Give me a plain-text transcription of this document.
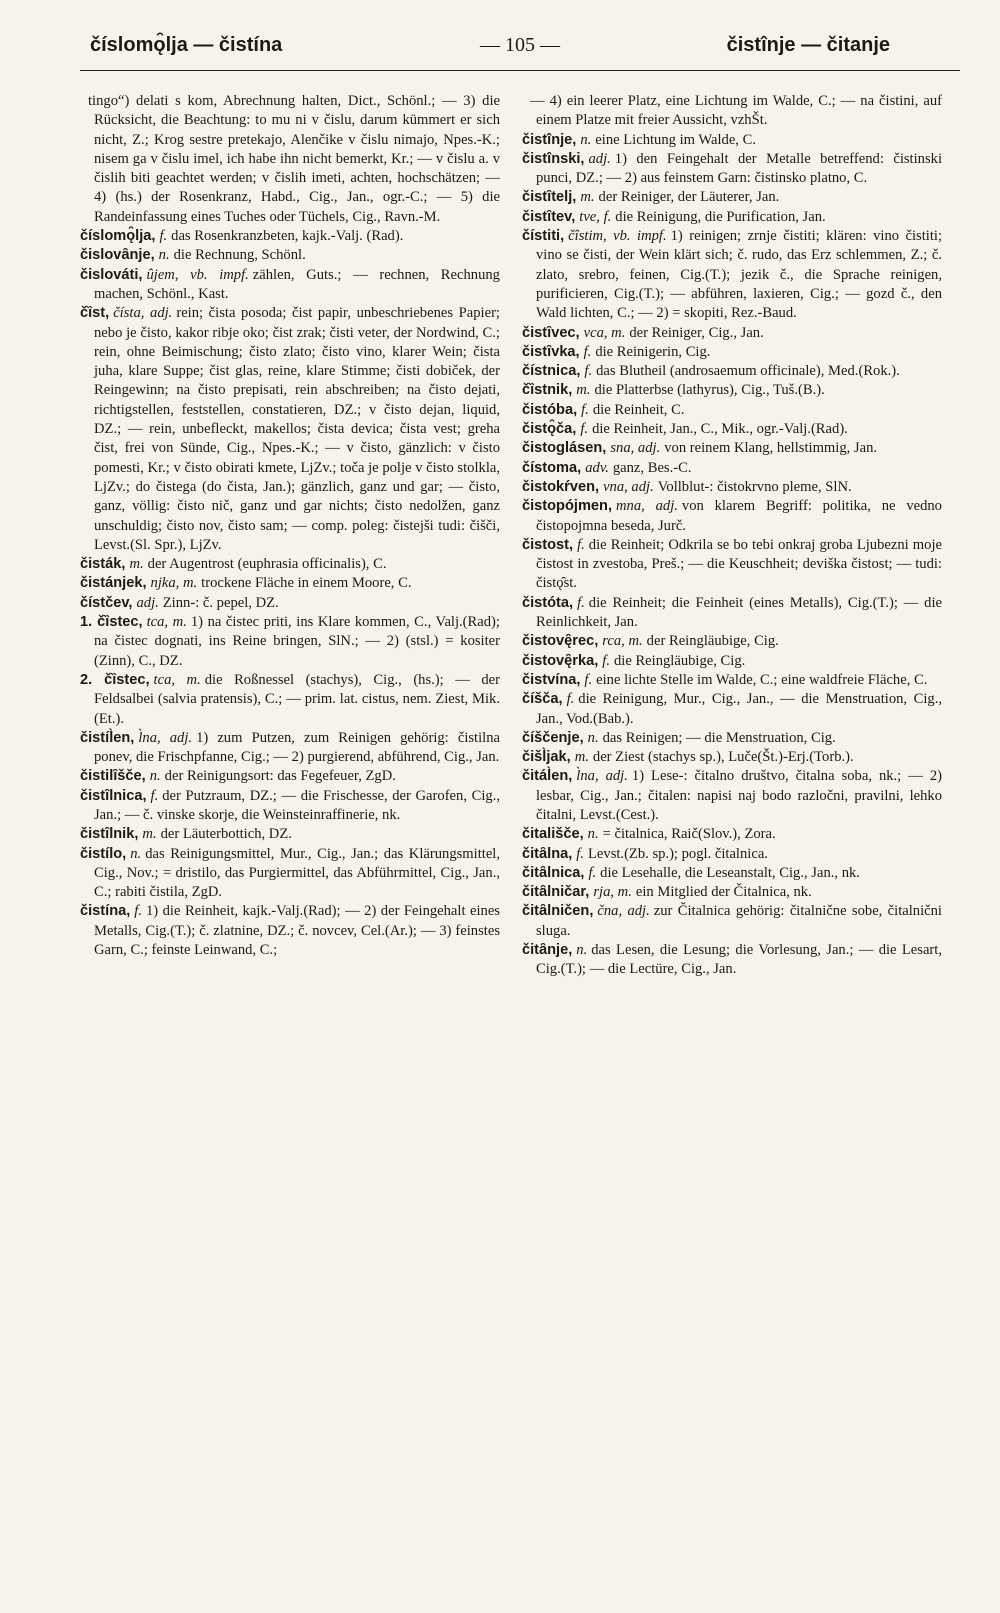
číslomǫ̑lja — čistína	— 105 —	čistînje — čitanje

tingo“) delati s kom, Abrechnung halten, Dict., Schönl.; — 3) die Rücksicht, die Beachtung: to mu ni v čislu, darum kümmert er sich nicht, Z.; Krog sestre pretekajo, Alenčike v čislu nimajo, Npes.-K.; nisem ga v čislu imel, ich habe ihn nicht bemerkt, Kr.; — v čislu a. v čislih biti geachtet werden; v čislih imeti, achten, hochschätzen; — 4) (hs.) der Rosenkranz, Habd., Cig., Jan., ogr.-C.; — 5) die Randeinfassung eines Tuches oder Tüchels, Cig., Ravn.-M.

číslomǫ̑lja, f. das Rosenkranzbeten, kajk.-Valj. (Rad).

čislovȃnje, n. die Rechnung, Schönl.

čislováti, ûjem, vb. impf. zählen, Guts.; — rechnen, Rechnung machen, Schönl., Kast.

čȉst, čísta, adj. rein; čista posoda; čist papir, unbeschriebenes Papier; nebo je čisto, kakor ribje oko; čist zrak; čisti veter, der Nordwind, C.; rein, ohne Beimischung; čisto zlato; čisto vino, klarer Wein; čista juha, klare Suppe; čist glas, reine, klare Stimme; čisti dobiček, der Reingewinn; na čisto prepisati, rein abschreiben; na čisto dejati, richtigstellen, feststellen, constatieren, DZ.; v čisto dejan, liquid, DZ.; — rein, unbefleckt, makellos; čista devica; čista vest; greha čist, frei von Sünde, Cig., Npes.-K.; — v čisto, gänzlich: v čisto pomesti, Kr.; v čisto obirati kmete, LjZv.; toča je polje v čisto stolkla, LjZv.; do čistega (do čista, Jan.); gänzlich, ganz und gar; — čisto, ganz, völlig: čisto nič, ganz und gar nichts; čisto nedolžen, ganz unschuldig; čisto nov, čisto sam; — comp. poleg: čistejši tudi: čišči, Levst.(Sl. Spr.), LjZv.

čisták, m. der Augentrost (euphrasia officinalis), C.

čistánjek, njka, m. trockene Fläche in einem Moore, C.

čístčev, adj. Zinn-: č. pepel, DZ.

1. čȉstec, tca, m. 1) na čistec priti, ins Klare kommen, C., Valj.(Rad); na čistec dognati, ins Reine bringen, SlN.; — 2) (stsl.) = kositer (Zinn), C., DZ.

2. čȉstec, tca, m. die Roßnessel (stachys), Cig., (hs.); — der Feldsalbei (salvia pratensis), C.; — prim. lat. cistus, nem. Ziest, Mik.(Et.).

čistíl̀en, l̀na, adj. 1) zum Putzen, zum Reinigen gehörig: čistilna ponev, die Frischpfanne, Cig.; — 2) purgierend, abführend, Cig., Jan.

čistilȋšče, n. der Reinigungsort: das Fegefeuer, ZgD.

čistȋlnica, f. der Putzraum, DZ.; — die Frischesse, der Garofen, Cig., Jan.; — č. vinske skorje, die Weinsteinraffinerie, nk.

čistȋlnik, m. der Läuterbottich, DZ.

čistílo, n. das Reinigungsmittel, Mur., Cig., Jan.; das Klärungsmittel, Cig., Nov.; = dristilo, das Purgiermittel, das Abführmittel, Cig., Jan., C.; rabiti čistila, ZgD.

čistína, f. 1) die Reinheit, kajk.-Valj.(Rad); — 2) der Feingehalt eines Metalls, Cig.(T.); č. zlatnine, DZ.; č. novcev, Cel.(Ar.); — 3) feinstes Garn, C.; feinste Leinwand, C.;

— 4) ein leerer Platz, eine Lichtung im Walde, C.; — na čistini, auf einem Platze mit freier Aussicht, vzhŠt.

čistînje, n. eine Lichtung im Walde, C.

čistînski, adj. 1) den Feingehalt der Metalle betreffend: čistinski punci, DZ.; — 2) aus feinstem Garn: čistinsko platno, C.

čistȋtelj, m. der Reiniger, der Läuterer, Jan.

čistȋtev, tve, f. die Reinigung, die Purification, Jan.

čístiti, čîstim, vb. impf. 1) reinigen; zrnje čistiti; klären: vino čistiti; vino se čisti, der Wein klärt sich; č. rudo, das Erz schlemmen, Z.; č. zlato, srebro, feinen, Cig.(T.); jezik č., die Sprache reinigen, purificieren, Cig.(T.); — abführen, laxieren, Cig.; — gozd č., den Wald lichten, C.; — 2) = skopiti, Rez.-Baud.

čistȋvec, vca, m. der Reiniger, Cig., Jan.

čistȋvka, f. die Reinigerin, Cig.

čístnica, f. das Blutheil (androsaemum officinale), Med.(Rok.).

čȉstnik, m. die Platterbse (lathyrus), Cig., Tuš.(B.).

čistóba, f. die Reinheit, C.

čistǫ̑ča, f. die Reinheit, Jan., C., Mik., ogr.-Valj.(Rad).

čistoglásen, sna, adj. von reinem Klang, hellstimmig, Jan.

čístoma, adv. ganz, Bes.-C.

čistokŕven, vna, adj. Vollblut-: čistokrvno pleme, SlN.

čistopójmen, mna, adj. von klarem Begriff: politika, ne vedno čistopojmna beseda, Jurč.

čistost, f. die Reinheit; Odkrila se bo tebi onkraj groba Ljubezni moje čistost in zvestoba, Preš.; — die Keuschheit; deviška čistost; — tudi: čistǫ̑st.

čistóta, f. die Reinheit; die Feinheit (eines Metalls), Cig.(T.); — die Reinlichkeit, Jan.

čistovę̑rec, rca, m. der Reingläubige, Cig.

čistovę̑rka, f. die Reingläubige, Cig.

čistvína, f. eine lichte Stelle im Walde, C.; eine waldfreie Fläche, C.

číšča, f. die Reinigung, Mur., Cig., Jan., — die Menstruation, Cig., Jan., Vod.(Bab.).

číščenje, n. das Reinigen; — die Menstruation, Cig.

čišl̀jak, m. der Ziest (stachys sp.), Luče(Št.)-Erj.(Torb.).

čitál̀en, l̀na, adj. 1) Lese-: čitalno društvo, čitalna soba, nk.; — 2) lesbar, Cig., Jan.; čitalen: napisi naj bodo razločni, pravilni, lehko čitalni, Levst.(Cest.).

čitališče, n. = čitalnica, Raič(Slov.), Zora.

čitȃlna, f. Levst.(Zb. sp.); pogl. čitalnica.

čitȃlnica, f. die Lesehalle, die Leseanstalt, Cig., Jan., nk.

čitȃlničar, rja, m. ein Mitglied der Čitalnica, nk.

čitȃlničen, čna, adj. zur Čitalnica gehörig: čitalnične sobe, čitalnični sluga.

čitȃnje, n. das Lesen, die Lesung; die Vorlesung, Jan.; — die Lesart, Cig.(T.); — die Lectüre, Cig., Jan.
